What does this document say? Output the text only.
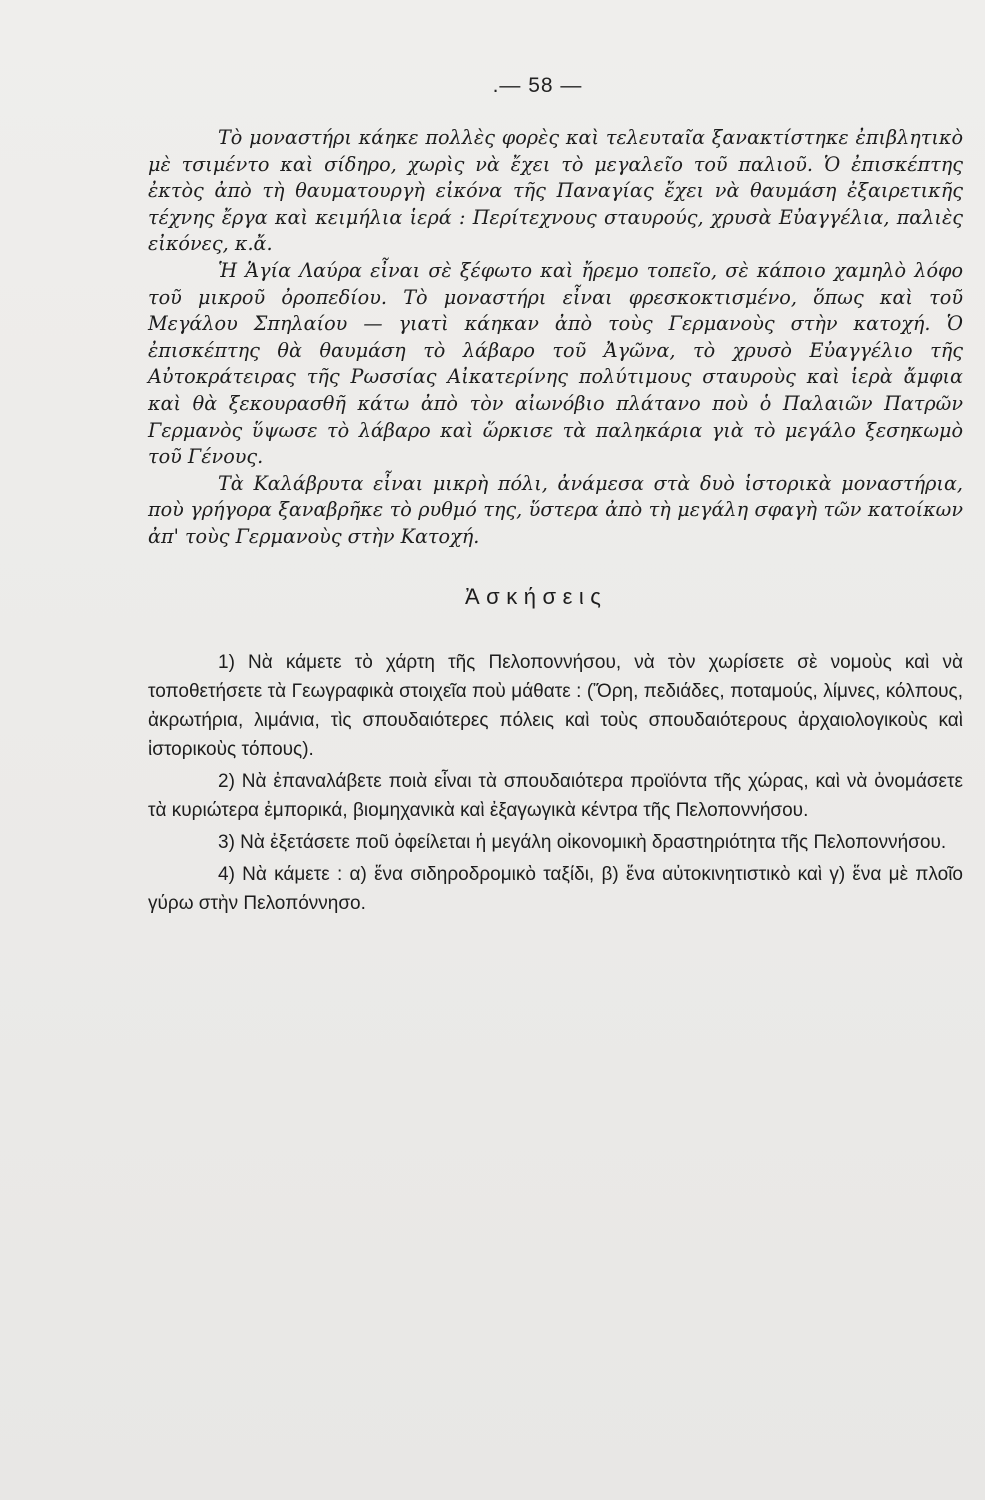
.— 58 —

Τὸ μοναστήρι κάηκε πολλὲς φορὲς καὶ τελευταῖα ξανακτίστηκε ἐπιβλητικὸ μὲ τσιμέντο καὶ σίδηρο, χωρὶς νὰ ἔχει τὸ μεγαλεῖο τοῦ παλιοῦ. Ὁ ἐπισκέπτης ἐκτὸς ἀπὸ τὴ θαυματουργὴ εἰκόνα τῆς Παναγίας ἔχει νὰ θαυμάση ἐξαιρετικῆς τέχνης ἔργα καὶ κειμήλια ἱερά : Περίτεχνους σταυρούς, χρυσὰ Εὐαγγέλια, παλιὲς εἰκόνες, κ.ἄ.

Ἡ Ἁγία Λαύρα εἶναι σὲ ξέφωτο καὶ ἤρεμο τοπεῖο, σὲ κάποιο χαμηλὸ λόφο τοῦ μικροῦ ὀροπεδίου. Τὸ μοναστήρι εἶναι φρεσκοκτισμένο, ὅπως καὶ τοῦ Μεγάλου Σπηλαίου — γιατὶ κάηκαν ἀπὸ τοὺς Γερμανοὺς στὴν κατοχή. Ὁ ἐπισκέπτης θὰ θαυμάση τὸ λάβαρο τοῦ Ἀγῶνα, τὸ χρυσὸ Εὐαγγέλιο τῆς Αὐτοκράτειρας τῆς Ρωσσίας Αἰκατερίνης πολύτιμους σταυροὺς καὶ ἱερὰ ἄμφια καὶ θὰ ξεκουρασθῆ κάτω ἀπὸ τὸν αἰωνόβιο πλάτανο ποὺ ὁ Παλαιῶν Πατρῶν Γερμανὸς ὕψωσε τὸ λάβαρο καὶ ὥρκισε τὰ παληκάρια γιὰ τὸ μεγάλο ξεσηκωμὸ τοῦ Γένους.

Τὰ Καλάβρυτα εἶναι μικρὴ πόλι, ἀνάμεσα στὰ δυὸ ἱστορικὰ μοναστήρια, ποὺ γρήγορα ξαναβρῆκε τὸ ρυθμό της, ὕστερα ἀπὸ τὴ μεγάλη σφαγὴ τῶν κατοίκων ἀπ' τοὺς Γερμανοὺς στὴν Κατοχή.

Ἀσκήσεις

1) Νὰ κάμετε τὸ χάρτη τῆς Πελοποννήσου, νὰ τὸν χωρίσετε σὲ νομοὺς καὶ νὰ τοποθετήσετε τὰ Γεωγραφικὰ στοιχεῖα ποὺ μάθατε : (Ὄρη, πεδιάδες, ποταμούς, λίμνες, κόλπους, ἀκρωτήρια, λιμάνια, τὶς σπουδαιότερες πόλεις καὶ τοὺς σπουδαιότερους ἀρχαιολογικοὺς καὶ ἱστορικοὺς τόπους).

2) Νὰ ἐπαναλάβετε ποιὰ εἶναι τὰ σπουδαιότερα προϊόντα τῆς χώρας, καὶ νὰ ὀνομάσετε τὰ κυριώτερα ἐμπορικά, βιομηχανικὰ καὶ ἐξαγωγικὰ κέντρα τῆς Πελοποννήσου.

3) Νὰ ἐξετάσετε ποῦ ὀφείλεται ἡ μεγάλη οἰκονομικὴ δραστηριότητα τῆς Πελοποννήσου.

4) Νὰ κάμετε : α) ἕνα σιδηροδρομικὸ ταξίδι, β) ἕνα αὐτοκινητιστικὸ καὶ γ) ἕνα μὲ πλοῖο γύρω στὴν Πελοπόννησο.
